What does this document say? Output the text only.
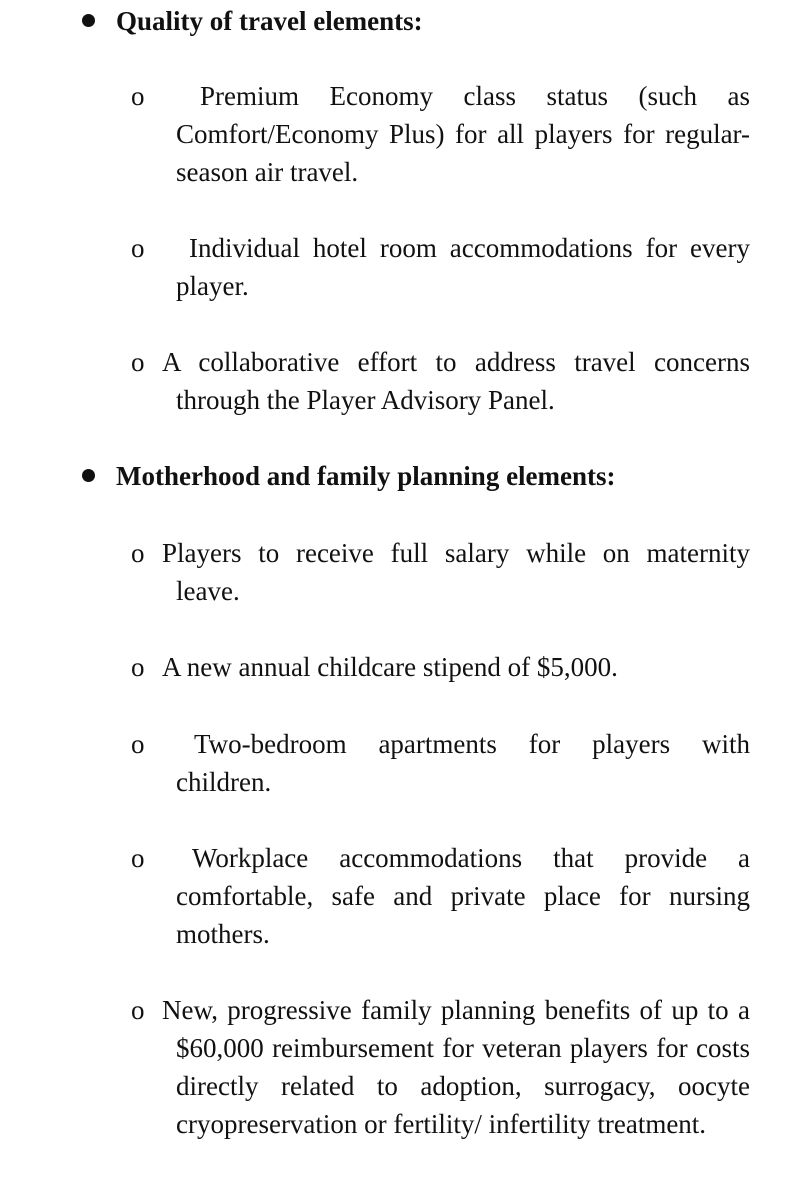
Quality of travel elements:
o	Premium Economy class status (such as Comfort/Economy Plus) for all players for regular-season air travel.
o	Individual hotel room accommodations for every player.
o A collaborative effort to address travel concerns through the Player Advisory Panel.
Motherhood and family planning elements:
o Players to receive full salary while on maternity leave.
o A new annual childcare stipend of $5,000.
o	Two-bedroom apartments for players with children.
o	Workplace accommodations that provide a comfortable, safe and private place for nursing mothers.
o New, progressive family planning benefits of up to a $60,000 reimbursement for veteran players for costs directly related to adoption, surrogacy, oocyte cryopreservation or fertility/ infertility treatment.
